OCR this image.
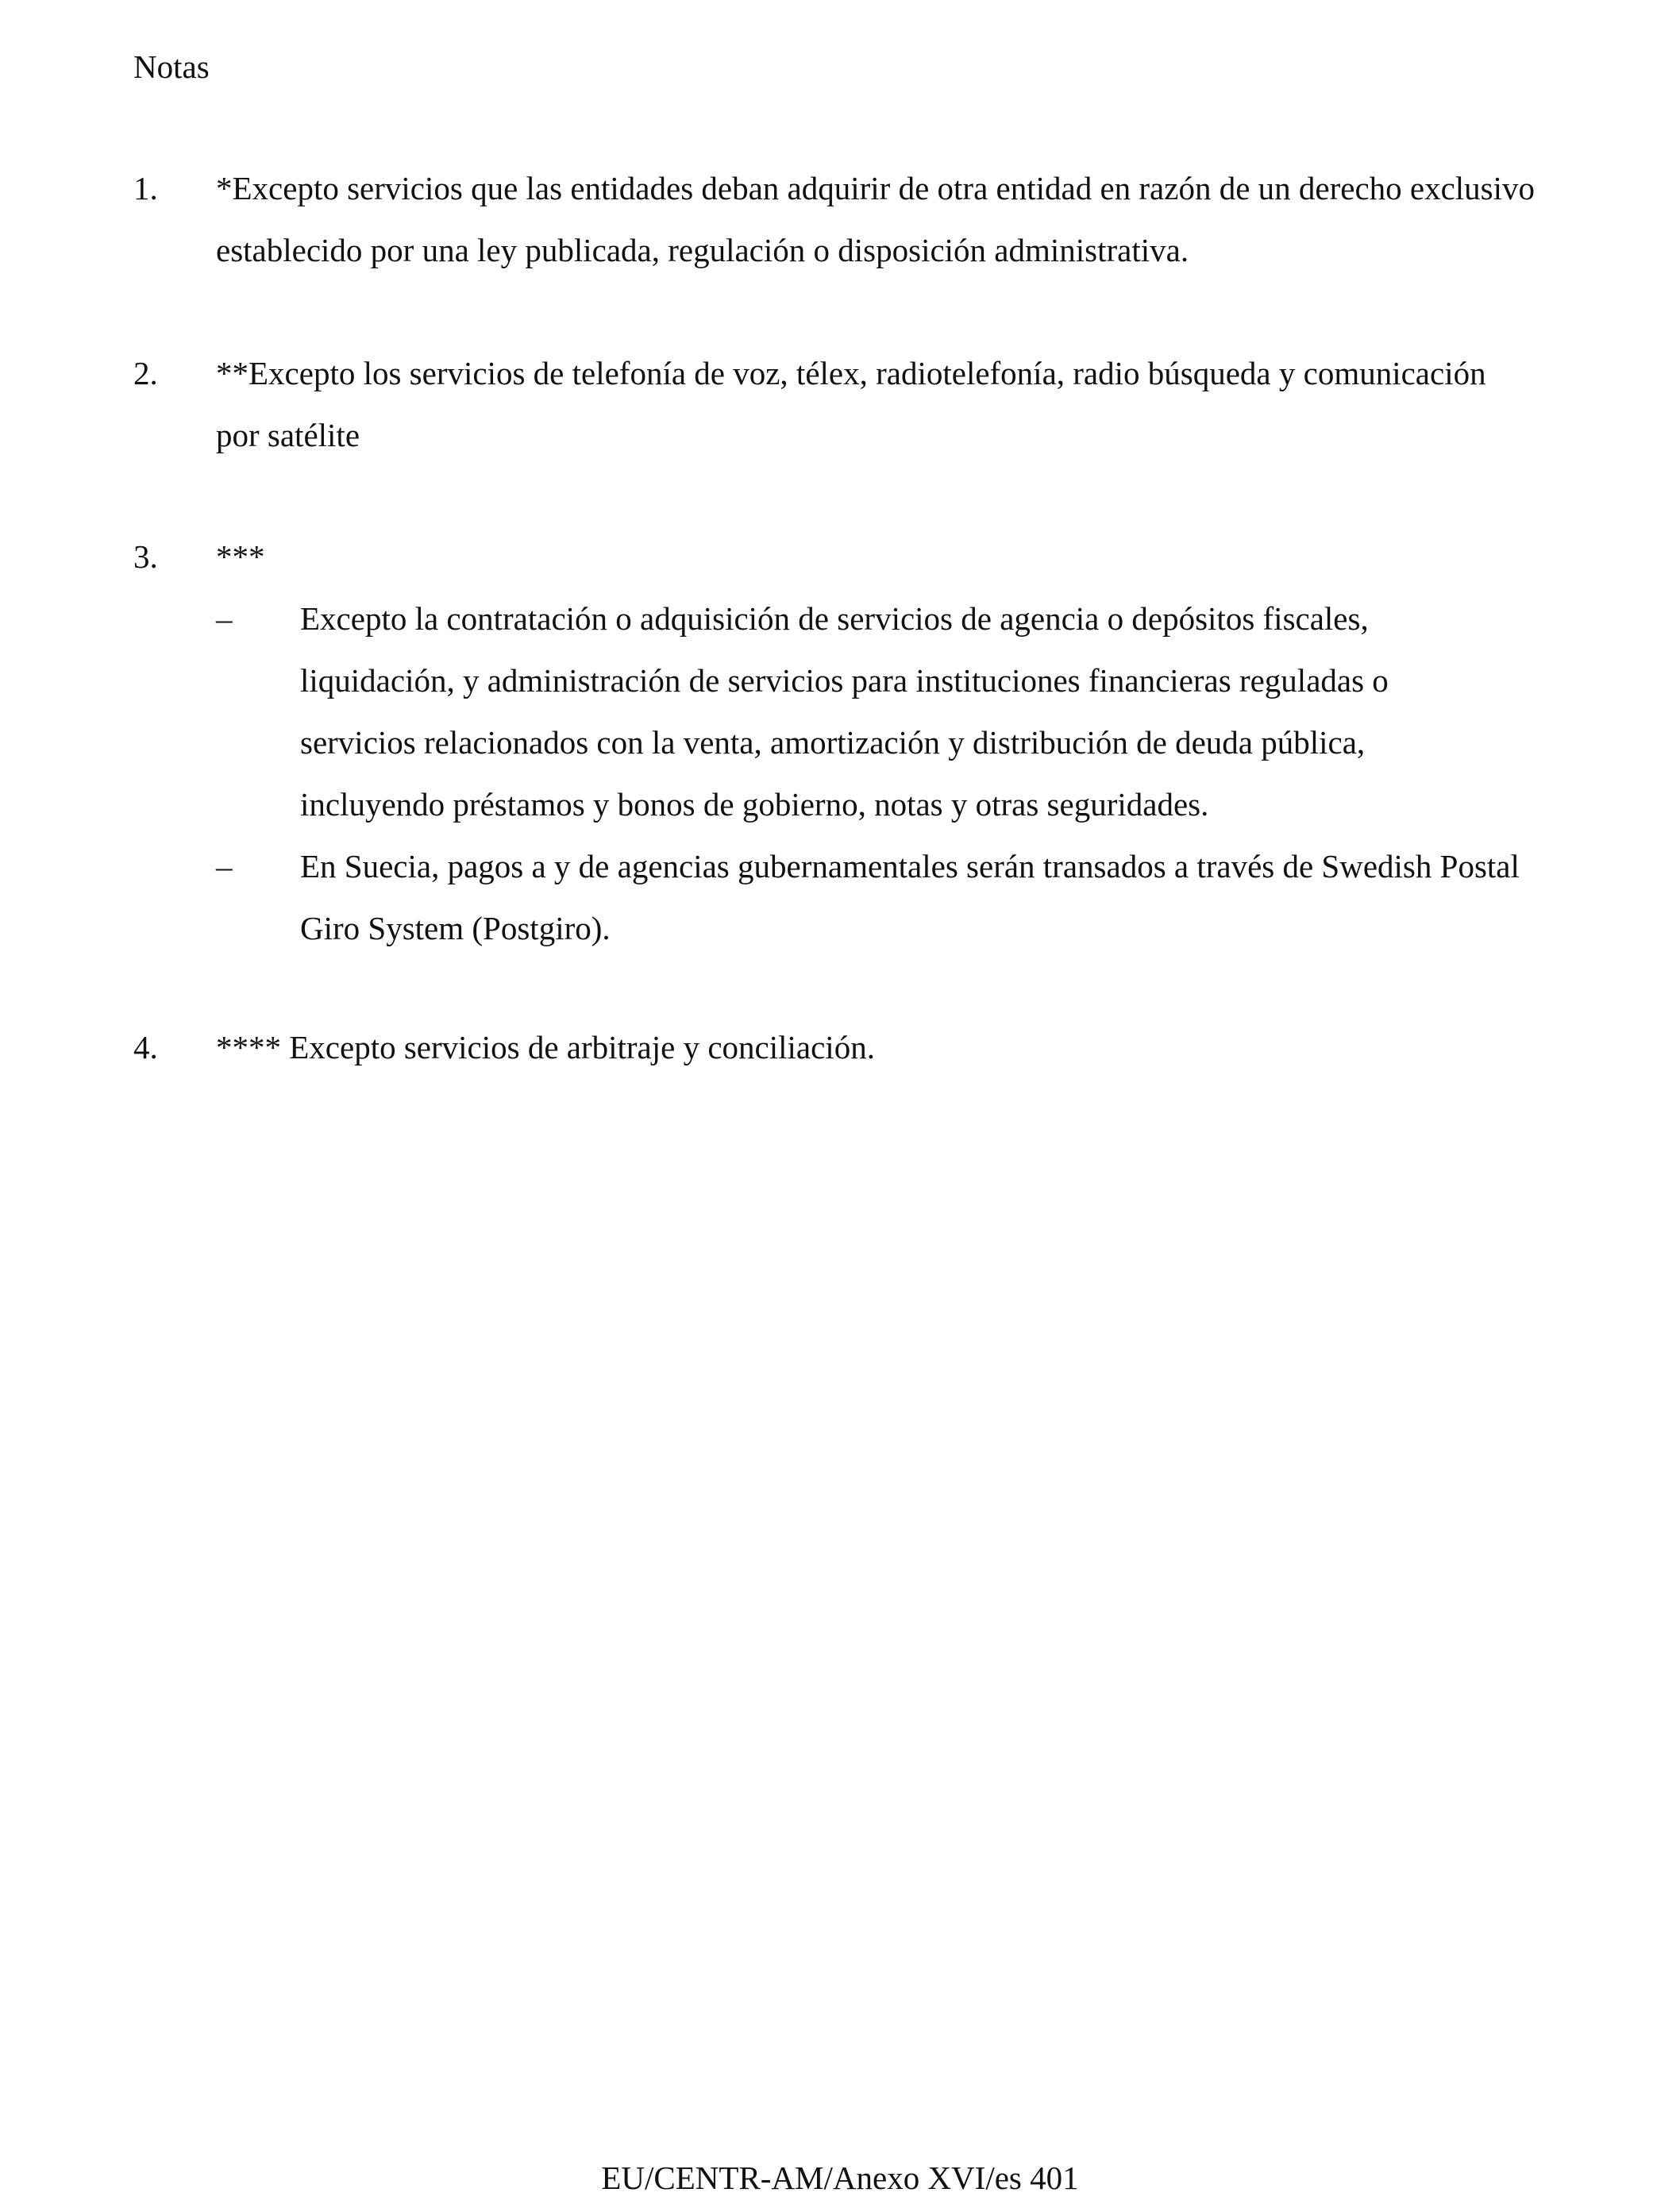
Notas
1. *Excepto servicios que las entidades deban adquirir de otra entidad en razón de un derecho exclusivo establecido por una ley publicada, regulación o disposición administrativa.
2. **Excepto los servicios de telefonía de voz, télex, radiotelefonía, radio búsqueda y comunicación por satélite
3. ***
– Excepto la contratación o adquisición de servicios de agencia o depósitos fiscales, liquidación, y administración de servicios para instituciones financieras reguladas o servicios relacionados con la venta, amortización y distribución de deuda pública, incluyendo préstamos y bonos de gobierno, notas y otras seguridades.
– En Suecia, pagos a y de agencias gubernamentales serán transados a través de Swedish Postal Giro System (Postgiro).
4. **** Excepto servicios de arbitraje y conciliación.
EU/CENTR-AM/Anexo XVI/es 401
